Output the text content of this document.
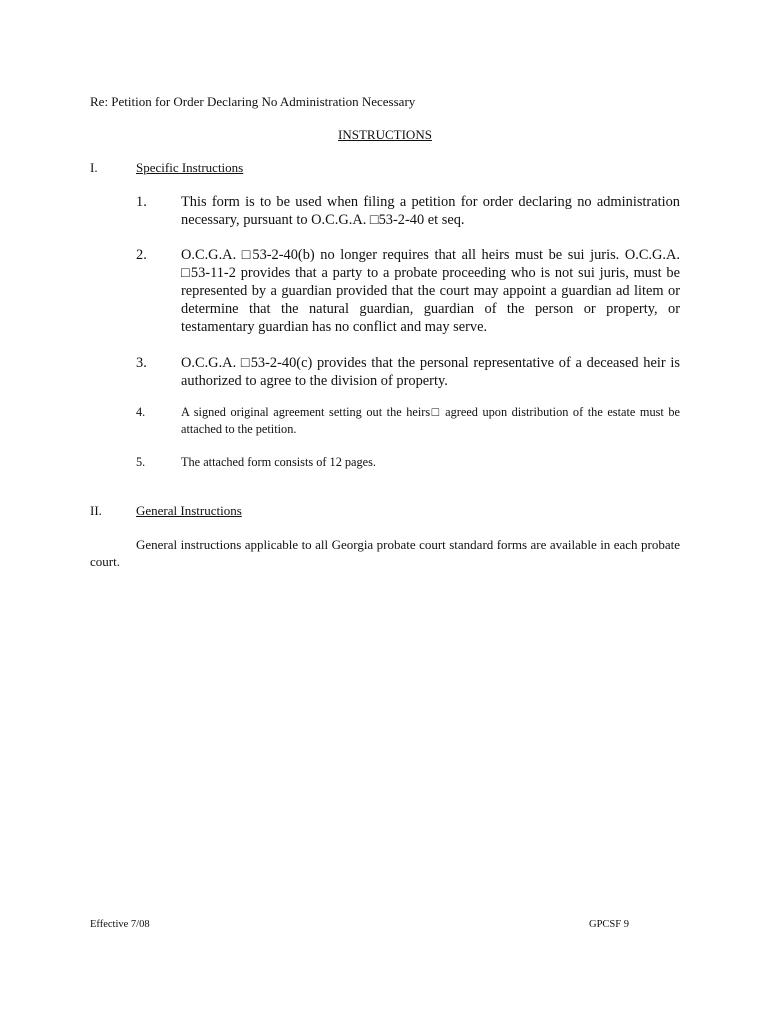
Re: Petition for Order Declaring No Administration Necessary
INSTRUCTIONS
I.	Specific Instructions
1. This form is to be used when filing a petition for order declaring no administration necessary, pursuant to O.C.G.A. □53-2-40 et seq.
2. O.C.G.A. □53-2-40(b) no longer requires that all heirs must be sui juris. O.C.G.A. □53-11-2 provides that a party to a probate proceeding who is not sui juris, must be represented by a guardian provided that the court may appoint a guardian ad litem or determine that the natural guardian, guardian of the person or property, or testamentary guardian has no conflict and may serve.
3. O.C.G.A. □53-2-40(c) provides that the personal representative of a deceased heir is authorized to agree to the division of property.
4.	A signed original agreement setting out the heirs□ agreed upon distribution of the estate must be attached to the petition.
5.	The attached form consists of 12 pages.
II.	General Instructions
General instructions applicable to all Georgia probate court standard forms are available in each probate court.
Effective 7/08	GPCSF 9
